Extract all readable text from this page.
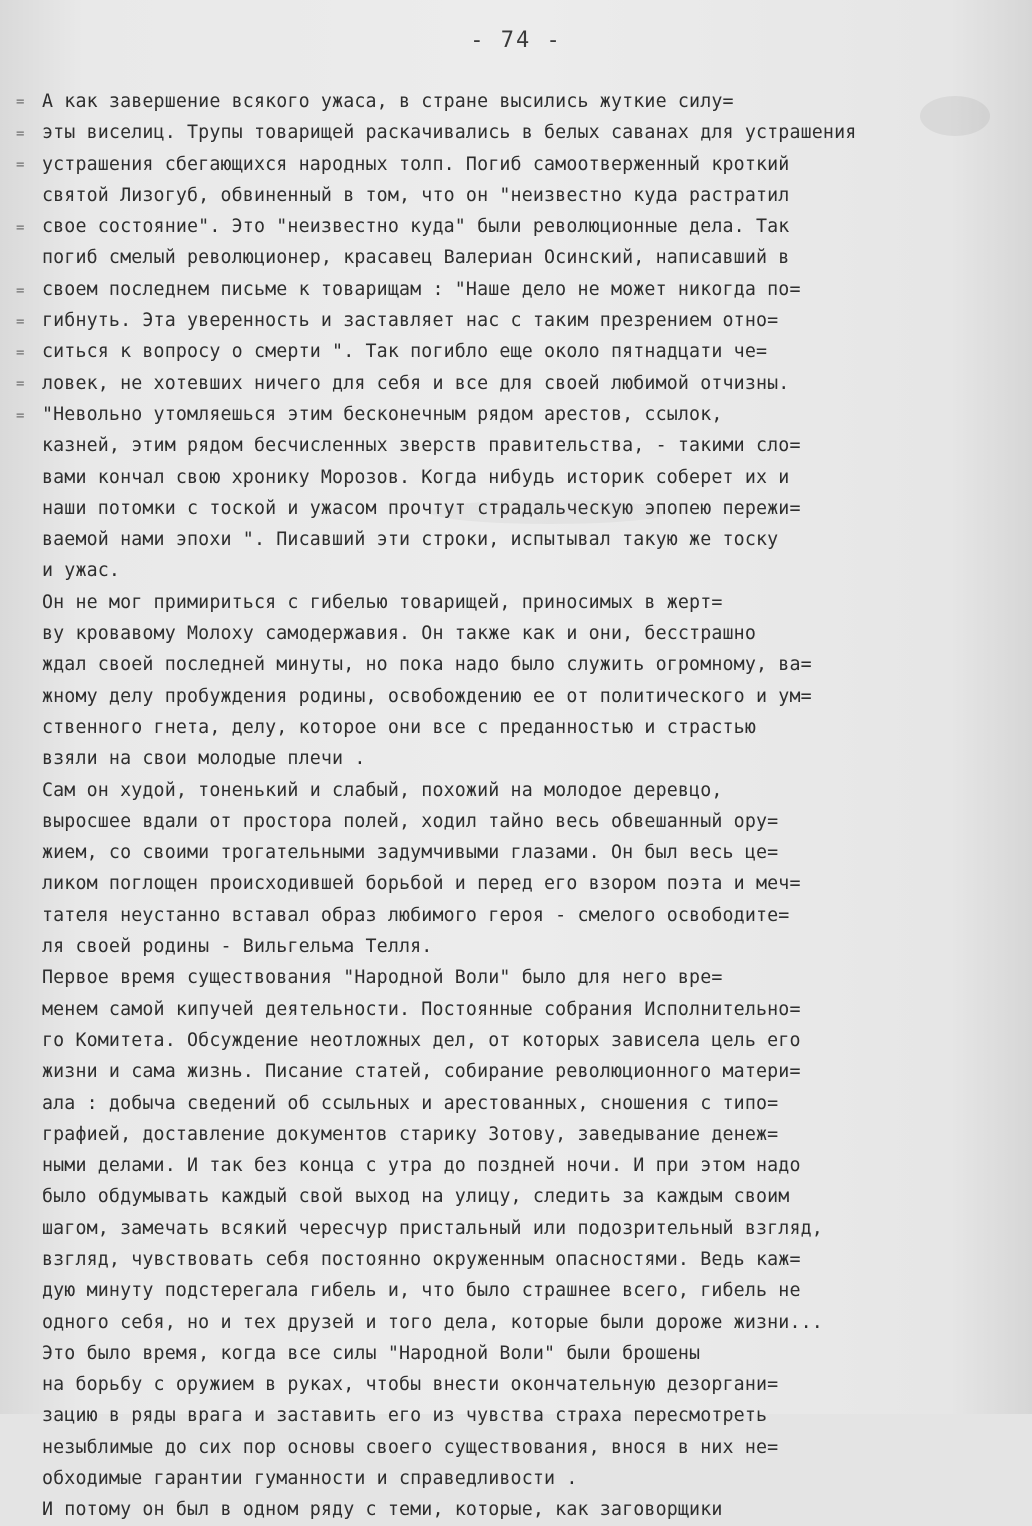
- 74 -
=
=
=
=
=
=
=
=
=
А как завершение всякого ужаса, в стране высились жуткие силу=
эты виселиц. Трупы товарищей раскачивались в белых саванах для устрашения
устрашения сбегающихся народных толп. Погиб самоотверженный кроткий
святой Лизогуб, обвиненный в том, что он "неизвестно куда растратил
свое состояние". Это "неизвестно куда" были революционные дела. Так
погиб смелый революционер, красавец Валериан Осинский, написавший в
своем последнем письме к товарищам : "Наше дело не может никогда по=
гибнуть. Эта уверенность и заставляет нас с таким презрением отно=
ситься к вопросу о смерти ". Так погибло еще около пятнадцати че=
ловек, не хотевших ничего для себя и все для своей любимой отчизны.
"Невольно утомляешься этим бесконечным рядом арестов, ссылок,
казней, этим рядом бесчисленных зверств правительства, - такими сло=
вами кончал свою хронику Морозов. Когда нибудь историк соберет их и
наши потомки с тоской и ужасом прочтут страдальческую эпопею пережи=
ваемой нами эпохи ". Писавший эти строки, испытывал такую же тоску
и ужас.
Он не мог примириться с гибелью товарищей, приносимых в жерт=
ву кровавому Молоху самодержавия. Он также как и они, бесстрашно
ждал своей последней минуты, но пока надо было служить огромному, ва=
жному делу пробуждения родины, освобождению ее от политического и ум=
ственного гнета, делу, которое они все с преданностью и страстью
взяли на свои молодые плечи .
Сам он худой, тоненький и слабый, похожий на молодое деревцо,
выросшее вдали от простора полей, ходил тайно весь обвешанный ору=
жием, со своими трогательными задумчивыми глазами. Он был весь це=
ликом поглощен происходившей борьбой и перед его взором поэта и меч=
тателя неустанно вставал образ любимого героя - смелого освободите=
ля своей родины - Вильгельма Телля.
Первое время существования "Народной Воли" было для него вре=
менем самой кипучей деятельности. Постоянные собрания Исполнительно=
го Комитета. Обсуждение неотложных дел, от которых зависела цель его
жизни и сама жизнь. Писание статей, собирание революционного матери=
ала : добыча сведений об ссыльных и арестованных, сношения с типо=
графией, доставление документов старику Зотову, заведывание денеж=
ными делами. И так без конца с утра до поздней ночи. И при этом надо
было обдумывать каждый свой выход на улицу, следить за каждым своим
шагом, замечать всякий чересчур пристальный или подозрительный взгляд,
взгляд, чувствовать себя постоянно окруженным опасностями. Ведь каж=
дую минуту подстерегала гибель и, что было страшнее всего, гибель не
одного себя, но и тех друзей и того дела, которые были дороже жизни...
Это было время, когда все силы "Народной Воли" были брошены
на борьбу с оружием в руках, чтобы внести окончательную дезоргани=
зацию в ряды врага и заставить его из чувства страха пересмотреть
незыблимые до сих пор основы своего существования, внося в них не=
обходимые гарантии гуманности и справедливости .
И потому он был в одном ряду с теми, которые, как заговорщики
